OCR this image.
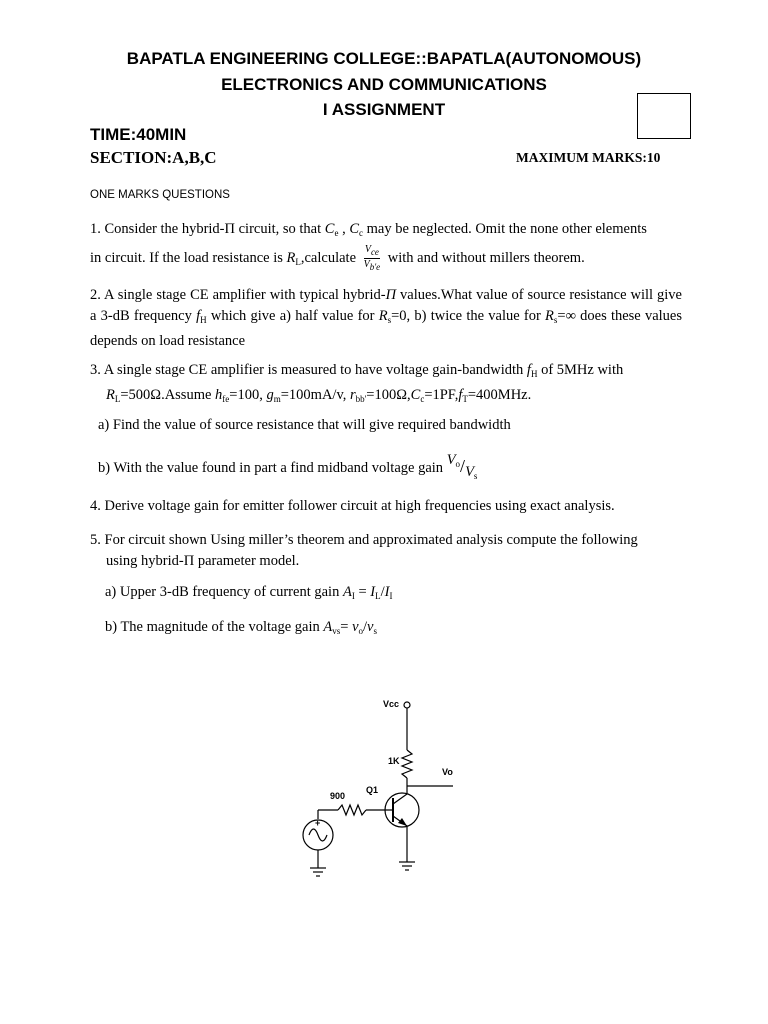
BAPATLA ENGINEERING COLLEGE::BAPATLA(AUTONOMOUS)
ELECTRONICS AND COMMUNICATIONS
I ASSIGNMENT
TIME:40MIN
SECTION:A,B,C	MAXIMUM MARKS:10
ONE MARKS QUESTIONS
1. Consider the hybrid-Π circuit, so that $C_e$ , $C_c$ may be neglected. Omit the none other elements
in circuit. If the load resistance is $R_L,calculate \frac{V_{ce}}{V_{b'e}}$ with and without millers theorem.
2. A single stage CE amplifier with typical hybrid-Π values.What value of source resistance will give a 3-dB frequency $f_H$ which give a) half value for $R_s=0$, b) twice the value for $R_s=\infty$ does these values depends on load resistance
3. A single stage CE amplifier is measured to have voltage gain-bandwidth $f_H$ of 5MHz with
$R_L=500\Omega.Assume$ $h_{fe}=100$, $g_m=100mA/v$, $r_{bb'}=100\Omega,C_c=1PF,f_T=400MHz$.
a) Find the value of source resistance that will give required bandwidth
b) With the value found in part a find midband voltage gain $V_o/V_s$
4. Derive voltage gain for emitter follower circuit at high frequencies using exact analysis.
5. For circuit shown Using miller’s theorem and approximated analysis compute the following
using hybrid-Π parameter model.
a) Upper 3-dB frequency of current gain $A_I = I_L/I_I$
b) The magnitude of the voltage gain $A_{vs}= v_o/v_s$
Vcc
1K
Vo
900
Q1
+
